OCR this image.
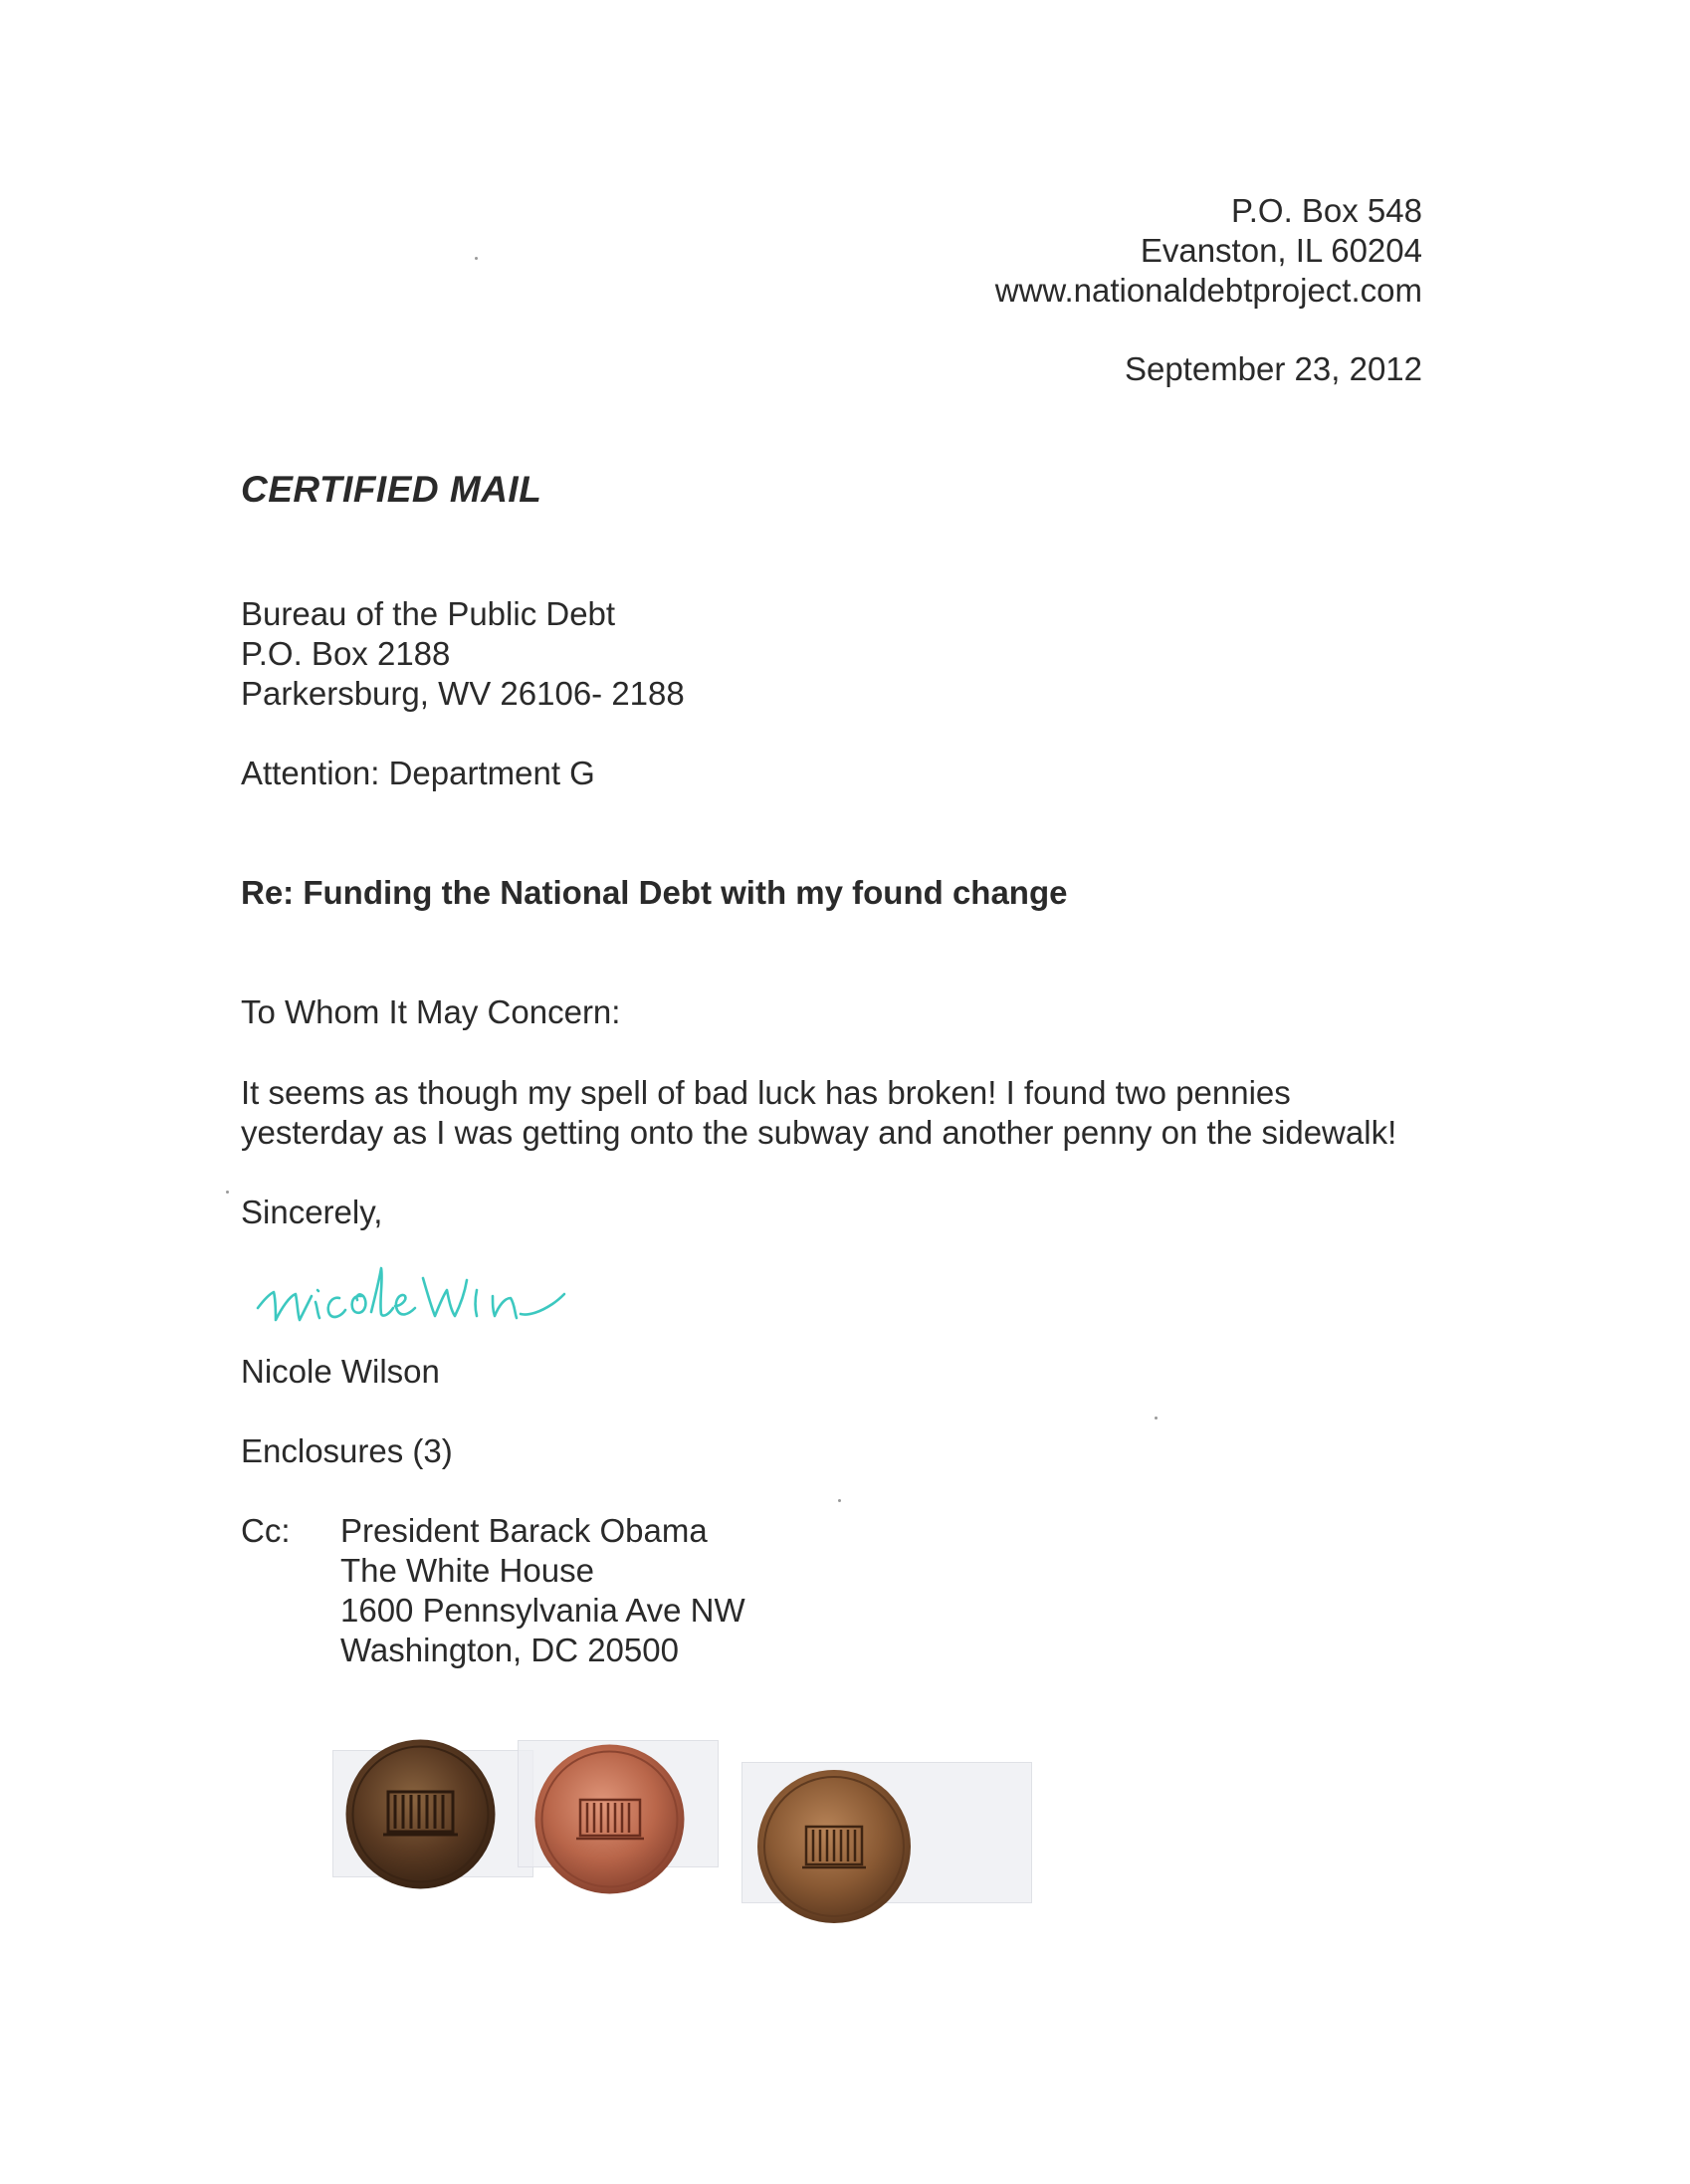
P.O. Box 548
Evanston, IL 60204
www.nationaldebtproject.com
September 23, 2012
CERTIFIED MAIL
Bureau of the Public Debt
P.O. Box 2188
Parkersburg, WV 26106- 2188
Attention: Department G
Re: Funding the National Debt with my found change
To Whom It May Concern:
It seems as though my spell of bad luck has broken! I found two pennies
yesterday as I was getting onto the subway and another penny on the sidewalk!
Sincerely,
Nicole Wilson
Enclosures (3)
Cc: President Barack Obama
The White House
1600 Pennsylvania Ave NW
Washington, DC 20500
